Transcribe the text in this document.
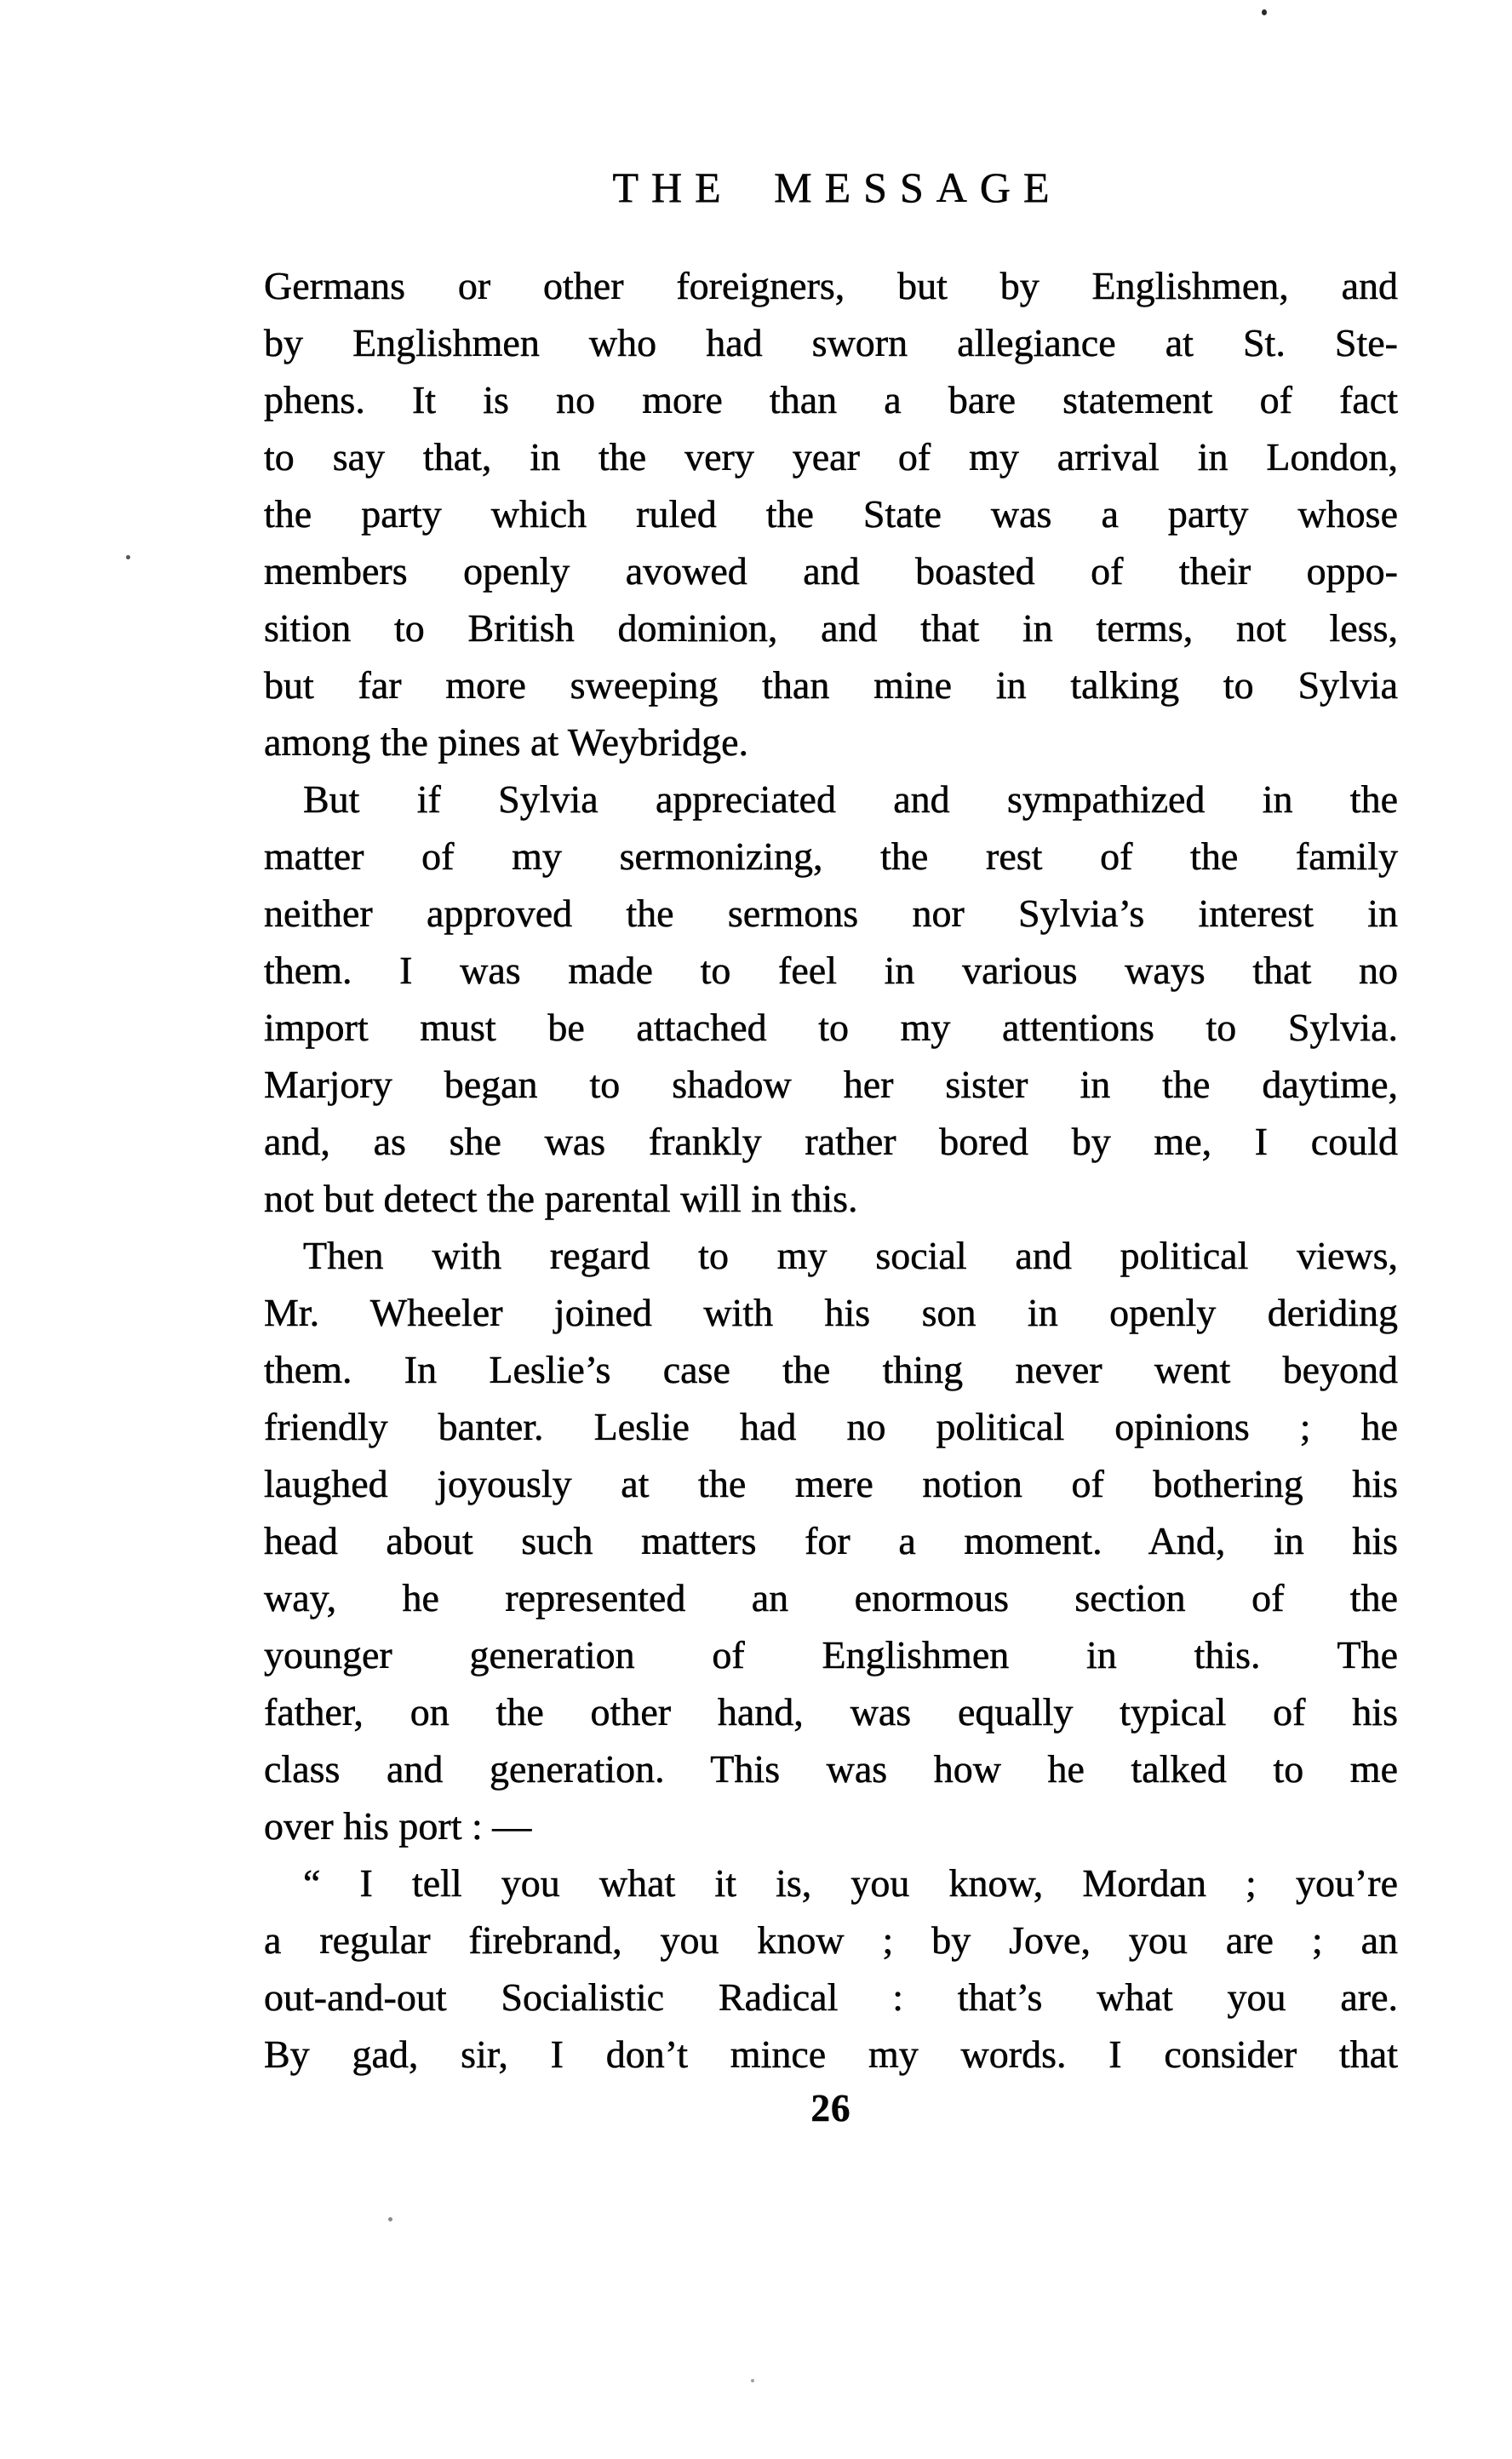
THE MESSAGE
Germans or other foreigners, but by Englishmen, and
by Englishmen who had sworn allegiance at St. Ste-
phens. It is no more than a bare statement of fact
to say that, in the very year of my arrival in London,
the party which ruled the State was a party whose
members openly avowed and boasted of their oppo-
sition to British dominion, and that in terms, not less,
but far more sweeping than mine in talking to Sylvia
among the pines at Weybridge.
But if Sylvia appreciated and sympathized in the
matter of my sermonizing, the rest of the family
neither approved the sermons nor Sylvia’s interest in
them. I was made to feel in various ways that no
import must be attached to my attentions to Sylvia.
Marjory began to shadow her sister in the daytime,
and, as she was frankly rather bored by me, I could
not but detect the parental will in this.
Then with regard to my social and political views,
Mr. Wheeler joined with his son in openly deriding
them. In Leslie’s case the thing never went beyond
friendly banter. Leslie had no political opinions ; he
laughed joyously at the mere notion of bothering his
head about such matters for a moment. And, in his
way, he represented an enormous section of the
younger generation of Englishmen in this. The
father, on the other hand, was equally typical of his
class and generation. This was how he talked to me
over his port : —
“ I tell you what it is, you know, Mordan ; you’re
a regular firebrand, you know ; by Jove, you are ; an
out-and-out Socialistic Radical : that’s what you are.
By gad, sir, I don’t mince my words. I consider that
26
